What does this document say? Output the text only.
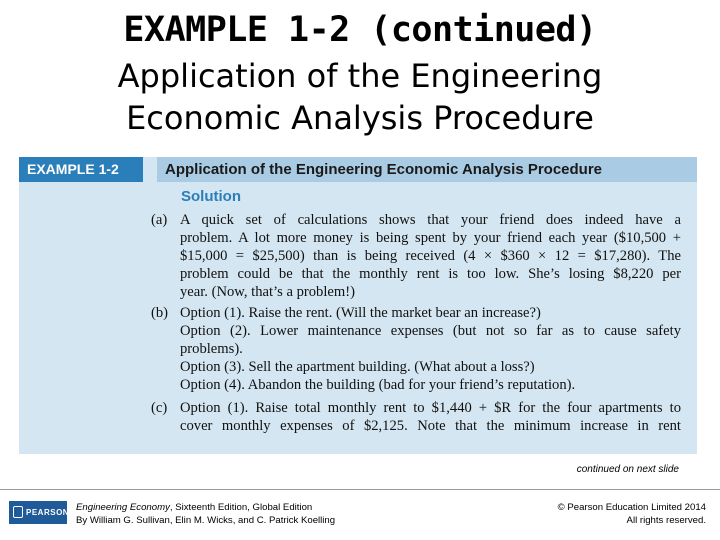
EXAMPLE 1-2 (continued)
Application of the Engineering
Economic Analysis Procedure
EXAMPLE 1-2	Application of the Engineering Economic Analysis Procedure
Solution
(a) A quick set of calculations shows that your friend does indeed have a
problem. A lot more money is being spent by your friend each year ($10,500 +
$15,000 = $25,500) than is being received (4 × $360 × 12 = $17,280). The
problem could be that the monthly rent is too low. She’s losing $8,220 per
year. (Now, that’s a problem!)
(b) Option (1). Raise the rent. (Will the market bear an increase?)
Option (2). Lower maintenance expenses (but not so far as to cause safety
problems).
Option (3). Sell the apartment building. (What about a loss?)
Option (4). Abandon the building (bad for your friend’s reputation).
(c) Option (1). Raise total monthly rent to $1,440 + $R for the four apartments to
cover monthly expenses of $2,125. Note that the minimum increase in rent
continued on next slide
PEARSON Engineering Economy, Sixteenth Edition, Global Edition
By William G. Sullivan, Elin M. Wicks, and C. Patrick Koelling
© Pearson Education Limited 2014
All rights reserved.
